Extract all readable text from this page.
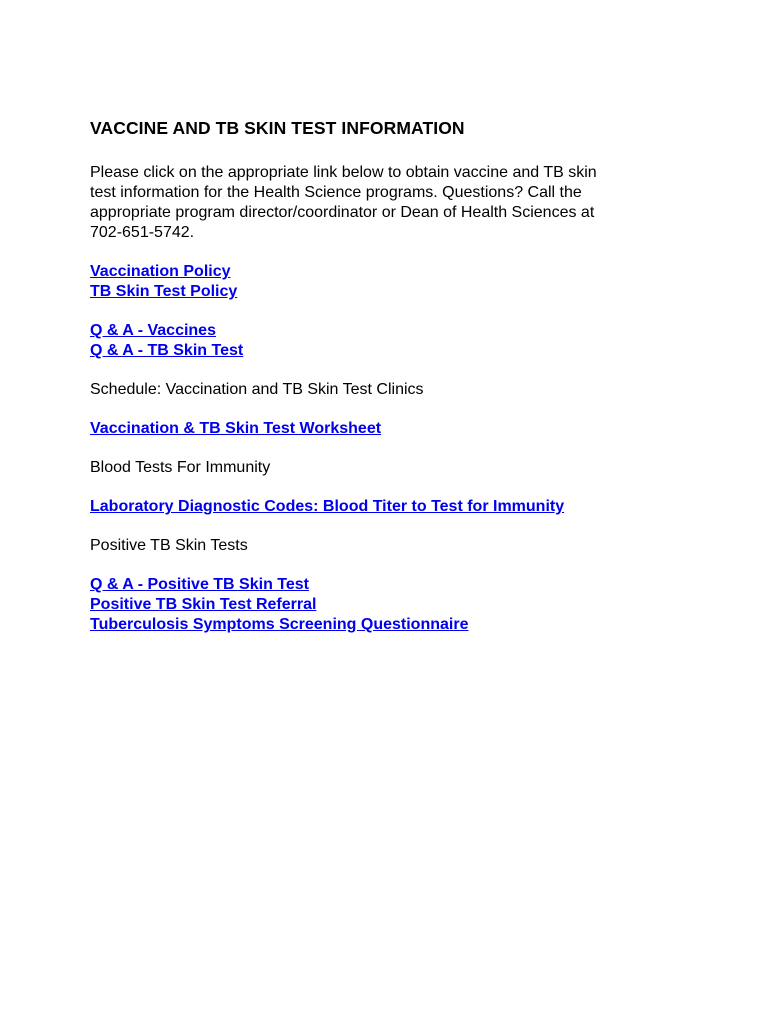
VACCINE AND TB SKIN TEST INFORMATION

Please click on the appropriate link below to obtain vaccine and TB skin
test information for the Health Science programs. Questions? Call the
appropriate program director/coordinator or Dean of Health Sciences at
702-651-5742.

Vaccination Policy
TB Skin Test Policy
Q & A - Vaccines
Q & A - TB Skin Test
Schedule: Vaccination and TB Skin Test Clinics
Vaccination & TB Skin Test Worksheet
Blood Tests For Immunity
Laboratory Diagnostic Codes: Blood Titer to Test for Immunity
Positive TB Skin Tests
Q & A - Positive TB Skin Test
Positive TB Skin Test Referral
Tuberculosis Symptoms Screening Questionnaire
